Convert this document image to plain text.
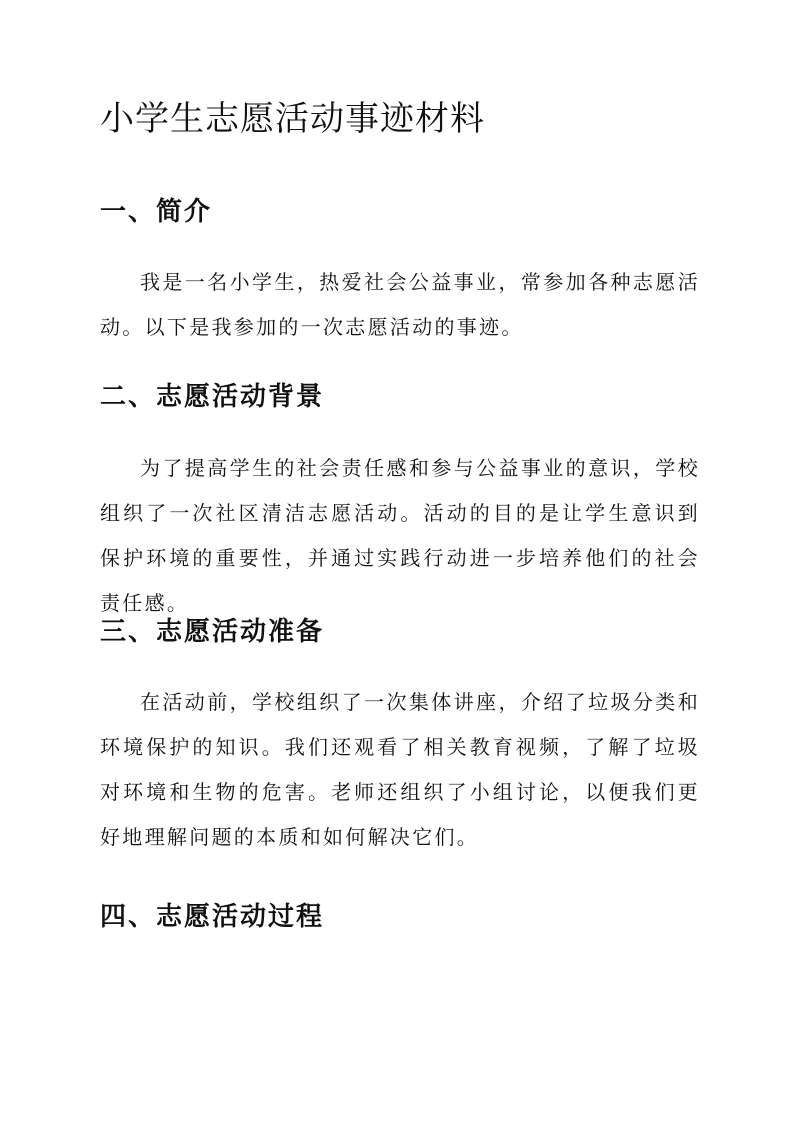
小学生志愿活动事迹材料
一、简介

我是一名小学生，热爱社会公益事业，常参加各种志愿活动。以下是我参加的一次志愿活动的事迹。

二、志愿活动背景

为了提高学生的社会责任感和参与公益事业的意识，学校组织了一次社区清洁志愿活动。活动的目的是让学生意识到保护环境的重要性，并通过实践行动进一步培养他们的社会责任感。

三、志愿活动准备

在活动前，学校组织了一次集体讲座，介绍了垃圾分类和环境保护的知识。我们还观看了相关教育视频，了解了垃圾对环境和生物的危害。老师还组织了小组讨论，以便我们更好地理解问题的本质和如何解决它们。

四、志愿活动过程
